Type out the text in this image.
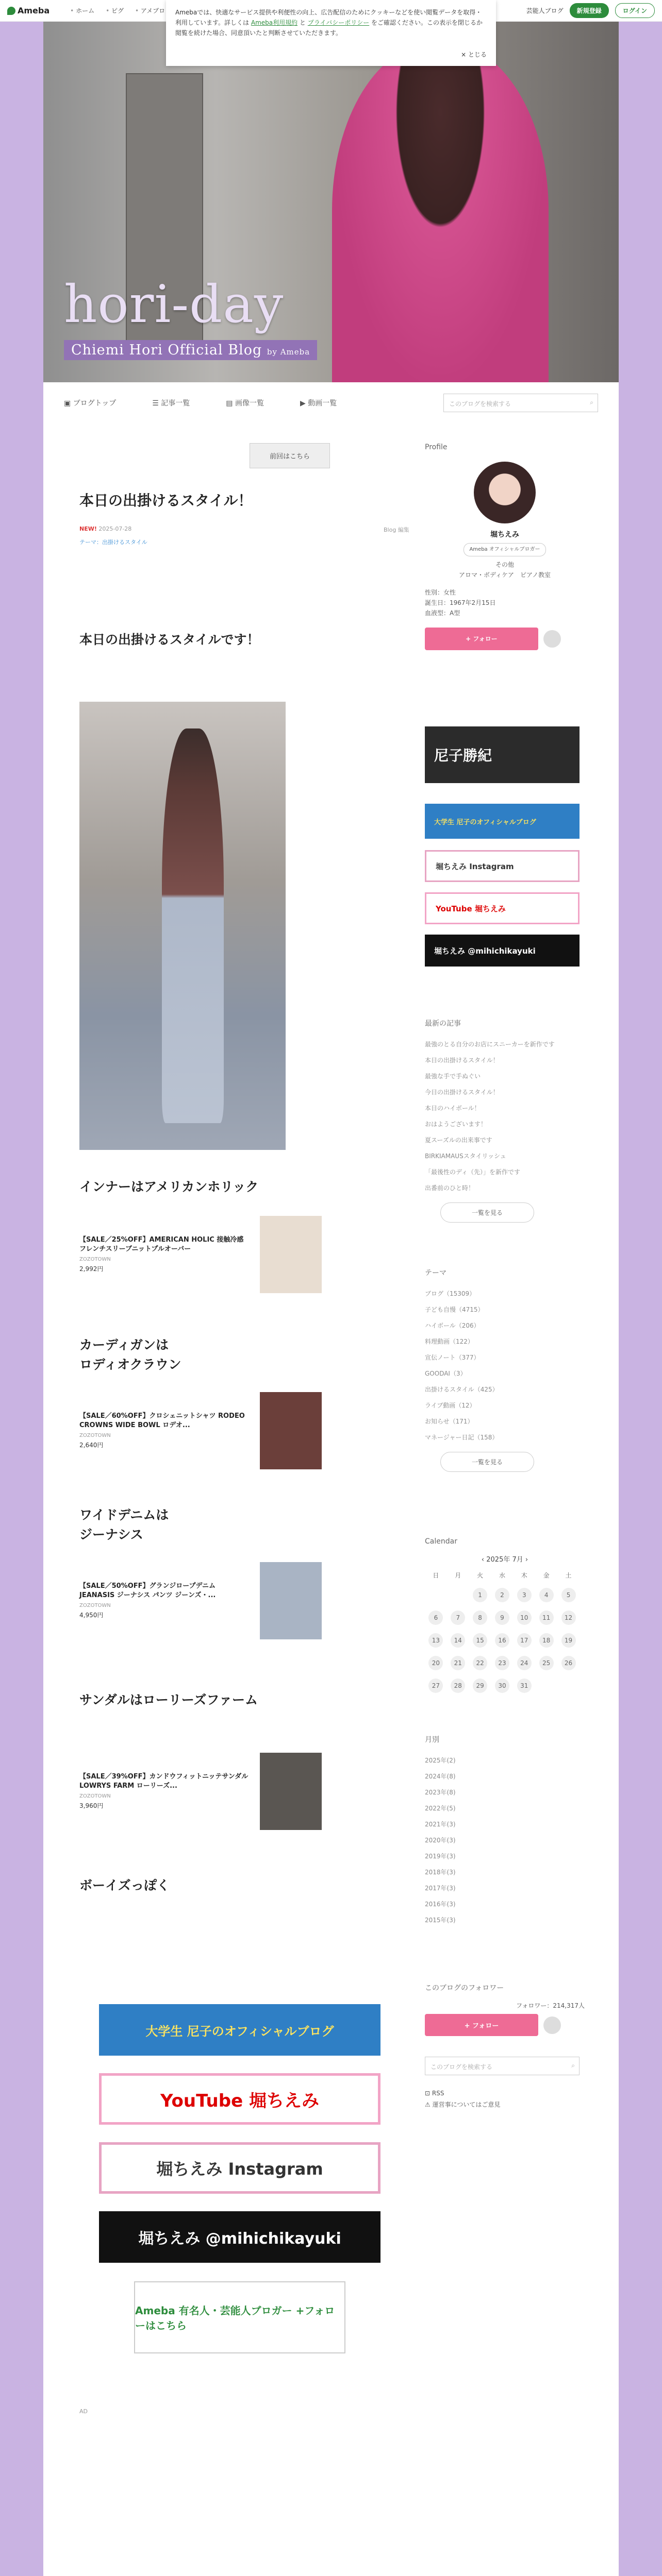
Ameba	• ホーム	• ピグ	• アメブロ	芸能人ブログ	新規登録	ログイン
Amebaでは、快適なサービス提供や利便性の向上、広告配信のためにクッキーなどを使い閲覧データを取得・利用しています。詳しくは Ameba利用規約 と プライバシーポリシー をご確認ください。この表示を閉じるか閲覧を続けた場合、同意頂いたと判断させていただきます。
× とじる
hori-day
Chiemi Hori Official Blog by Ameba
▣ ブログトップ	☰ 記事一覧	▤ 画像一覧	▶ 動画一覧	このブログを検索する	⌕
前回はこちら
本日の出掛けるスタイル！
NEW! 2025-07-28
テーマ：出掛けるスタイル
Blog 編集
本日の出掛けるスタイルです！
インナーはアメリカンホリック
【SALE／25%OFF】AMERICAN HOLIC 接触冷感フレンチスリーブニットプルオーバー
ZOZOTOWN
2,992円
カーディガンは
ロディオクラウン
【SALE／60%OFF】クロシェニットシャツ RODEO CROWNS WIDE BOWL ロデオ...
ZOZOTOWN
2,640円
ワイドデニムは
ジーナシス
【SALE／50%OFF】グランジロープデニム JEANASIS ジーナシス パンツ ジーンズ・...
ZOZOTOWN
4,950円
サンダルはローリーズファーム
【SALE／39%OFF】カンドウフィットニッテサンダル LOWRYS FARM ローリーズ...
ZOZOTOWN
3,960円
ボーイズっぽく
Profile
堀ちえみ
Ameba オフィシャルブロガー
その他
アロマ・ボディケア　ピアノ教室
性別：女性
誕生日：1967年2月15日
血液型：A型
+ フォロー
尼子勝紀
大学生 尼子のオフィシャルブログ
堀ちえみ Instagram
YouTube 堀ちえみ
堀ちえみ @mihichikayuki
最新の記事
最強のとる自分のお店にスニーカーを新作です
本日の出掛けるスタイル！
最強な手で手ぬぐい
今日の出掛けるスタイル！
本日のハイボール！
おはようございます！
夏スーズルの出来事です
BIRKIAMAUSスタイリッシュ
「最後性のディ（先）」を新作です
出番前のひと時！
一覧を見る
テーマ
ブログ（15309）
子ども自慢（4715）
ハイボール（206）
料理動画（122）
宣伝ノート（377）
GOODAI（3）
出掛けるスタイル（425）
ライブ動画（12）
お知らせ（171）
マネージャー日記（158）
一覧を見る
Calendar
‹ 2025年 7月 ›
日	月	火	水	木	金	土
		1	2	3	4	5
6	7	8	9	10	11	12
13	14	15	16	17	18	19
20	21	22	23	24	25	26
27	28	29	30	31		
月別
2025年(2)
2024年(8)
2023年(8)
2022年(5)
2021年(3)
2020年(3)
2019年(3)
2018年(3)
2017年(3)
2016年(3)
2015年(3)
大学生 尼子のオフィシャルブログ
YouTube 堀ちえみ
堀ちえみ Instagram
堀ちえみ @mihichikayuki
Ameba 有名人・芸能人ブロガー +フォローはこちら
AD
このブログのフォロワー
フォロワー：214,317人
+ フォロー
このブログを検索する	⌕
⊡ RSS
⚠ 運営事についてはご意見
